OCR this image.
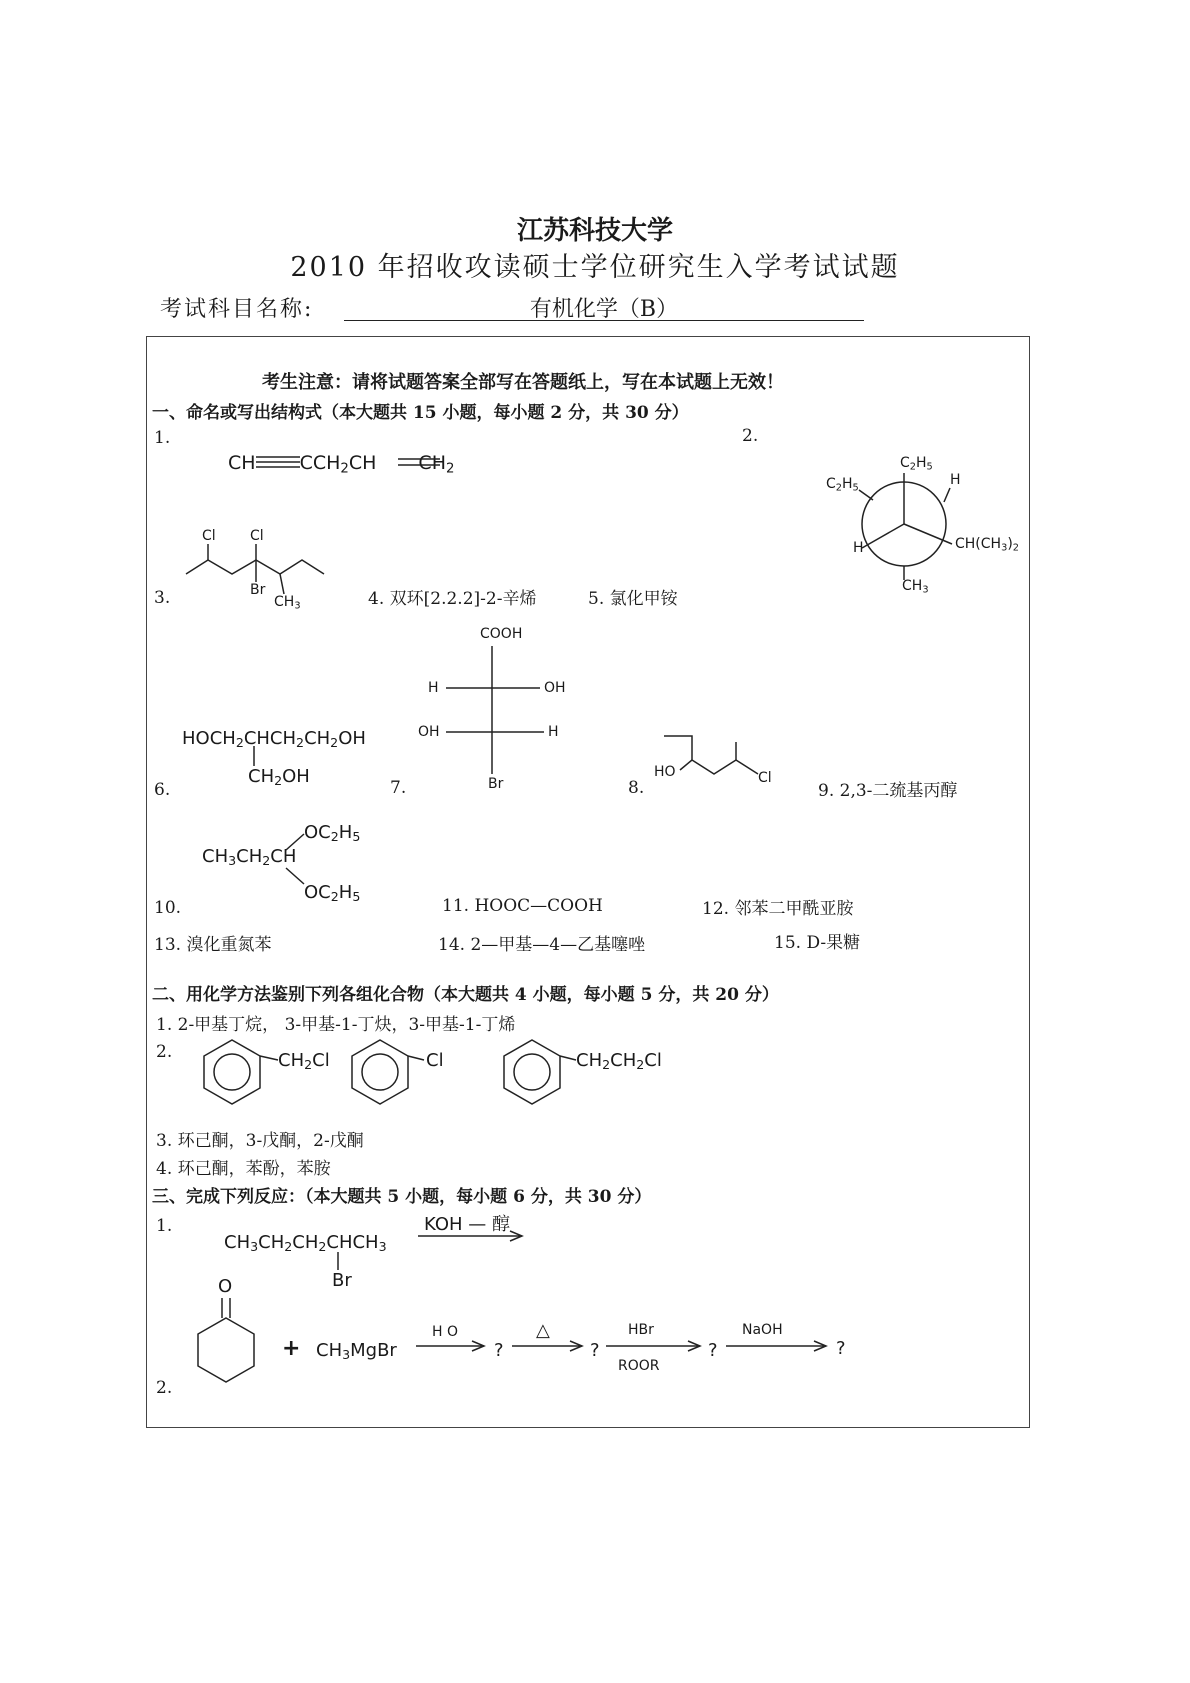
江苏科技大学
2010 年招收攻读硕士学位研究生入学考试试题
考试科目名称:	有机化学（B）
考生注意：请将试题答案全部写在答题纸上，写在本试题上无效！
一、命名或写出结构式（本大题共 15 小题，每小题 2 分，共 30 分）
1.	2.
CH $CCH_2CH$ $CH_2$	$C_2H_5$
$C_2H_5$	H
H	$CH(CH_3)_2$
$CH_3$
Cl Cl
Br
$CH_3$
3.	4. 双环[2.2.2]-2-辛烯	5. 氯化甲铵
$HOCH_2CHCH_2CH_2OH$
$CH_2OH$
6.
COOH
H	OH
OH	H
Br
7.	8.
HO	Cl
9. 2,3-二巯基丙醇
$OC_2H_5$
$CH_3CH_2CH$
$OC_2H_5$
10.	11. HOOC—COOH	12. 邻苯二甲酰亚胺
13. 溴化重氮苯	14. 2—甲基—4—乙基噻唑	15. D-果糖
二、用化学方法鉴别下列各组化合物（本大题共 4 小题，每小题 5 分，共 20 分）
1. 2-甲基丁烷， 3-甲基-1-丁炔，3-甲基-1-丁烯
2.	$CH_2Cl$	Cl	$CH_2CH_2Cl$
3. 环己酮，3-戊酮，2-戊酮
4. 环己酮，苯酚，苯胺
三、完成下列反应：（本大题共 5 小题，每小题 6 分，共 30 分）
1.
$CH_3CH_2CH_2CHCH_3$
Br
KOH — 醇
O
+ $CH_3MgBr$
H O
?
△
?
HBr
ROOR
?
NaOH
?
2.
